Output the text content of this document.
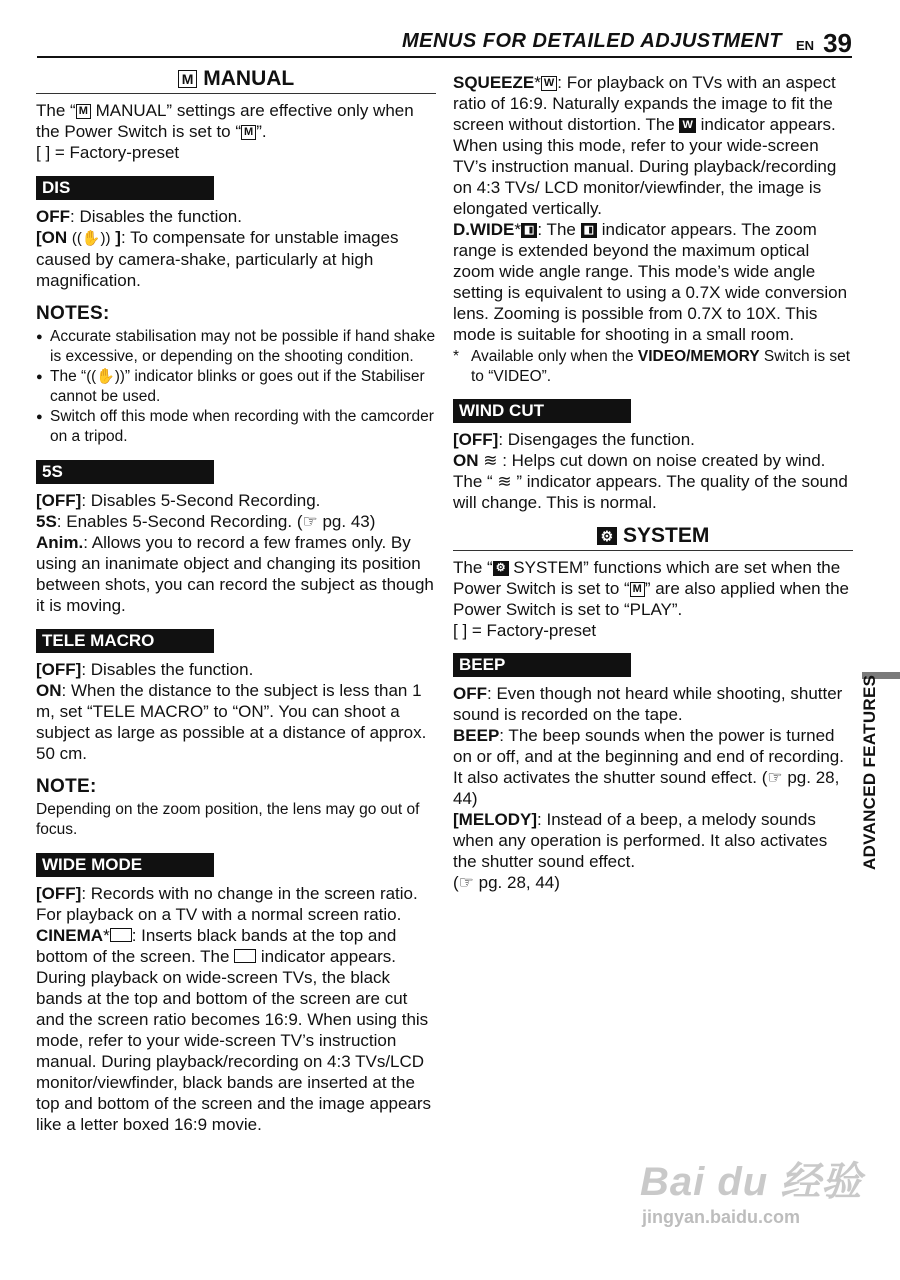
MENUS FOR DETAILED ADJUSTMENT EN 39
M MANUAL

The “ M MANUAL” settings are effective only when the Power Switch is set to “ M ”.

[ ] = Factory-preset

DIS

OFF: Disables the function.

[ON ((✋)) ]: To compensate for unstable images caused by camera-shake, particularly at high magnification.

NOTES:
● Accurate stabilisation may not be possible if hand shake is excessive, or depending on the shooting condition.
● The “((✋))” indicator blinks or goes out if the Stabiliser cannot be used.
● Switch off this mode when recording with the camcorder on a tripod.
5S

[OFF]: Disables 5-Second Recording.

5S: Enables 5-Second Recording. (☞ pg. 43)

Anim.: Allows you to record a few frames only. By using an inanimate object and changing its position between shots, you can record the subject as though it is moving.

TELE MACRO

[OFF]: Disables the function.

ON: When the distance to the subject is less than 1 m, set “TELE MACRO” to “ON”. You can shoot a subject as large as possible at a distance of approx. 50 cm.

NOTE:

Depending on the zoom position, the lens may go out of focus.

WIDE MODE

[OFF]: Records with no change in the screen ratio. For playback on a TV with a normal screen ratio.

CINEMA* : Inserts black bands at the top and bottom of the screen. The  indicator appears. During playback on wide-screen TVs, the black bands at the top and bottom of the screen are cut and the screen ratio becomes 16:9. When using this mode, refer to your wide-screen TV’s instruction manual. During playback/recording on 4:3 TVs/LCD monitor/viewfinder, black bands are inserted at the top and bottom of the screen and the image appears like a letter boxed 16:9 movie.

SQUEEZE* W : For playback on TVs with an aspect ratio of 16:9. Naturally expands the image to fit the screen without distortion. The W indicator appears. When using this mode, refer to your wide-screen TV’s instruction manual. During playback/recording on 4:3 TVs/ LCD monitor/viewfinder, the image is elongated vertically.

D.WIDE* ◧ : The ◧ indicator appears. The zoom range is extended beyond the maximum optical zoom wide angle range. This mode’s wide angle setting is equivalent to using a 0.7X wide conversion lens. Zooming is possible from 0.7X to 10X. This mode is suitable for shooting in a small room.

* Available only when the VIDEO/MEMORY Switch is set to “VIDEO”.
WIND CUT

[OFF]: Disengages the function.

ON ≋ : Helps cut down on noise created by wind. The “ ≋ ” indicator appears. The quality of the sound will change. This is normal.

⚙ SYSTEM

The “ ⚙ SYSTEM” functions which are set when the Power Switch is set to “ M ” are also applied when the Power Switch is set to “PLAY”.

[ ] = Factory-preset

BEEP

OFF: Even though not heard while shooting, shutter sound is recorded on the tape.

BEEP: The beep sounds when the power is turned on or off, and at the beginning and end of recording. It also activates the shutter sound effect. (☞ pg. 28, 44)

[MELODY]: Instead of a beep, a melody sounds when any operation is performed. It also activates the shutter sound effect.

(☞ pg. 28, 44)

ADVANCED FEATURES
Bai du 经验
jingyan.baidu.com
